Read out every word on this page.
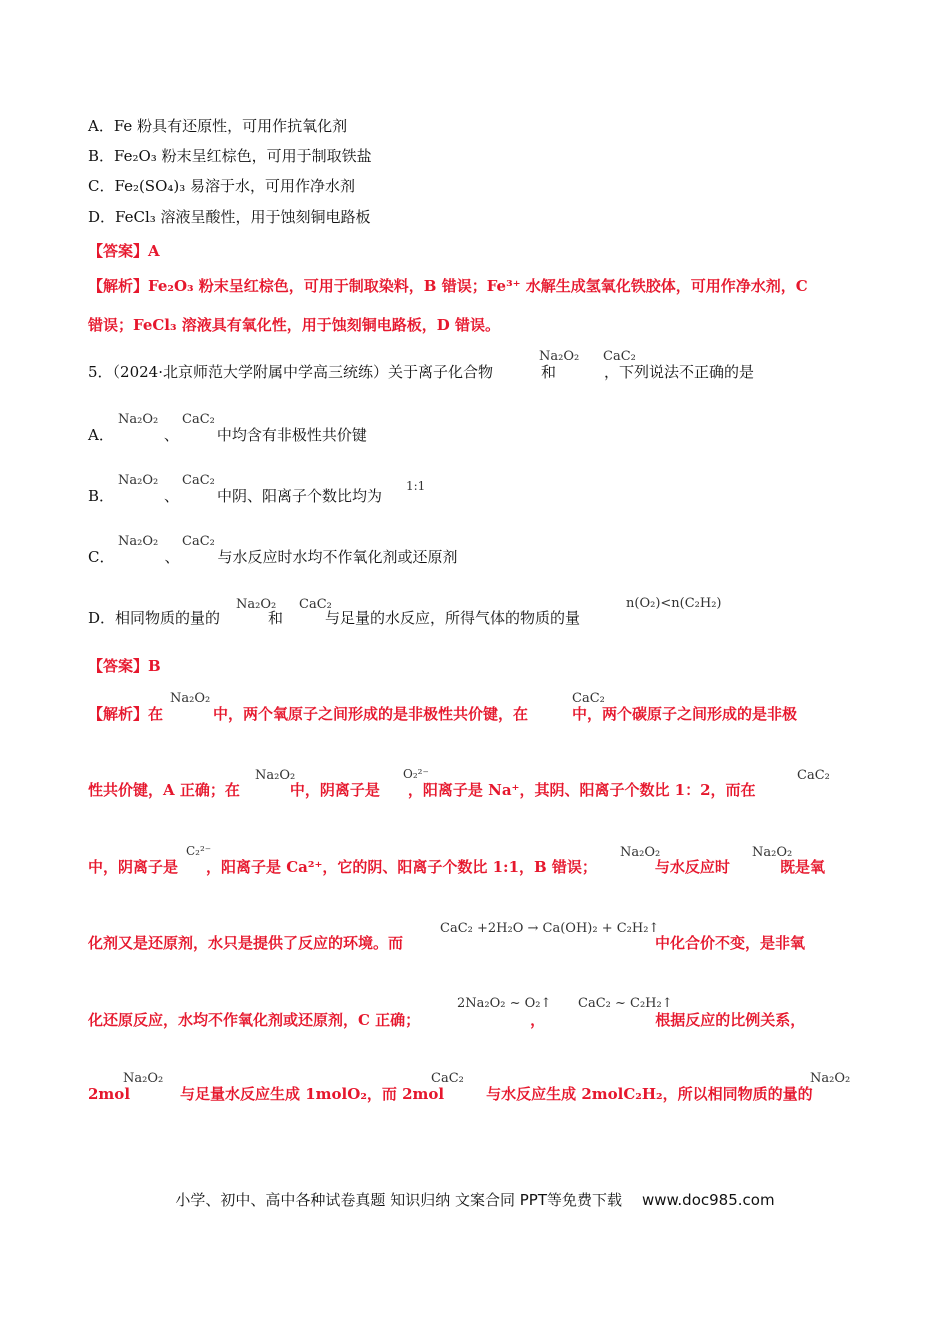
A．Fe 粉具有还原性，可用作抗氧化剂
B．Fe₂O₃ 粉末呈红棕色，可用于制取铁盐
C．Fe₂(SO₄)₃ 易溶于水，可用作净水剂
D．FeCl₃ 溶液呈酸性，用于蚀刻铜电路板
【答案】A
【解析】Fe₂O₃ 粉末呈红棕色，可用于制取染料，B 错误；Fe³⁺ 水解生成氢氧化铁胶体，可用作净水剂，C
错误；FeCl₃ 溶液具有氧化性，用于蚀刻铜电路板，D 错误。
5．（2024·北京师范大学附属中学高三统练）关于离子化合物	和	，下列说法不正确的是
Na₂O₂ CaC₂
A．	、	中均含有非极性共价键
Na₂O₂ CaC₂
B．	、	中阴、阳离子个数比均为
Na₂O₂ CaC₂	1:1
C．	、	与水反应时水均不作氧化剂或还原剂
Na₂O₂ CaC₂
D．相同物质的量的	和	与足量的水反应，所得气体的物质的量
Na₂O₂ CaC₂	n(O₂)<n(C₂H₂)
【答案】B
【解析】在	中，两个氧原子之间形成的是非极性共价键，在	中，两个碳原子之间形成的是非极
Na₂O₂	CaC₂
性共价键，A 正确；在	中，阴离子是 ，阳离子是 Na⁺，其阴、阳离子个数比 1：2，而在
Na₂O₂	O₂²⁻	CaC₂
中，阴离子是 ，阳离子是 Ca²⁺，它的阴、阳离子个数比 1:1，B 错误；	与水反应时	既是氧
C₂²⁻	Na₂O₂	Na₂O₂
化剂又是还原剂，水只是提供了反应的环境。而	中化合价不变，是非氧
CaC₂ +2H₂O → Ca(OH)₂ + C₂H₂↑
化还原反应，水均不作氧化剂或还原剂，C 正确；	，	根据反应的比例关系，
2Na₂O₂ ~ O₂↑ CaC₂ ~ C₂H₂↑
2mol	与足量水反应生成 1molO₂，而 2mol	与水反应生成 2molC₂H₂，所以相同物质的量的
Na₂O₂	CaC₂	Na₂O₂
小学、初中、高中各种试卷真题 知识归纳 文案合同 PPT等免费下载 www.doc985.com
